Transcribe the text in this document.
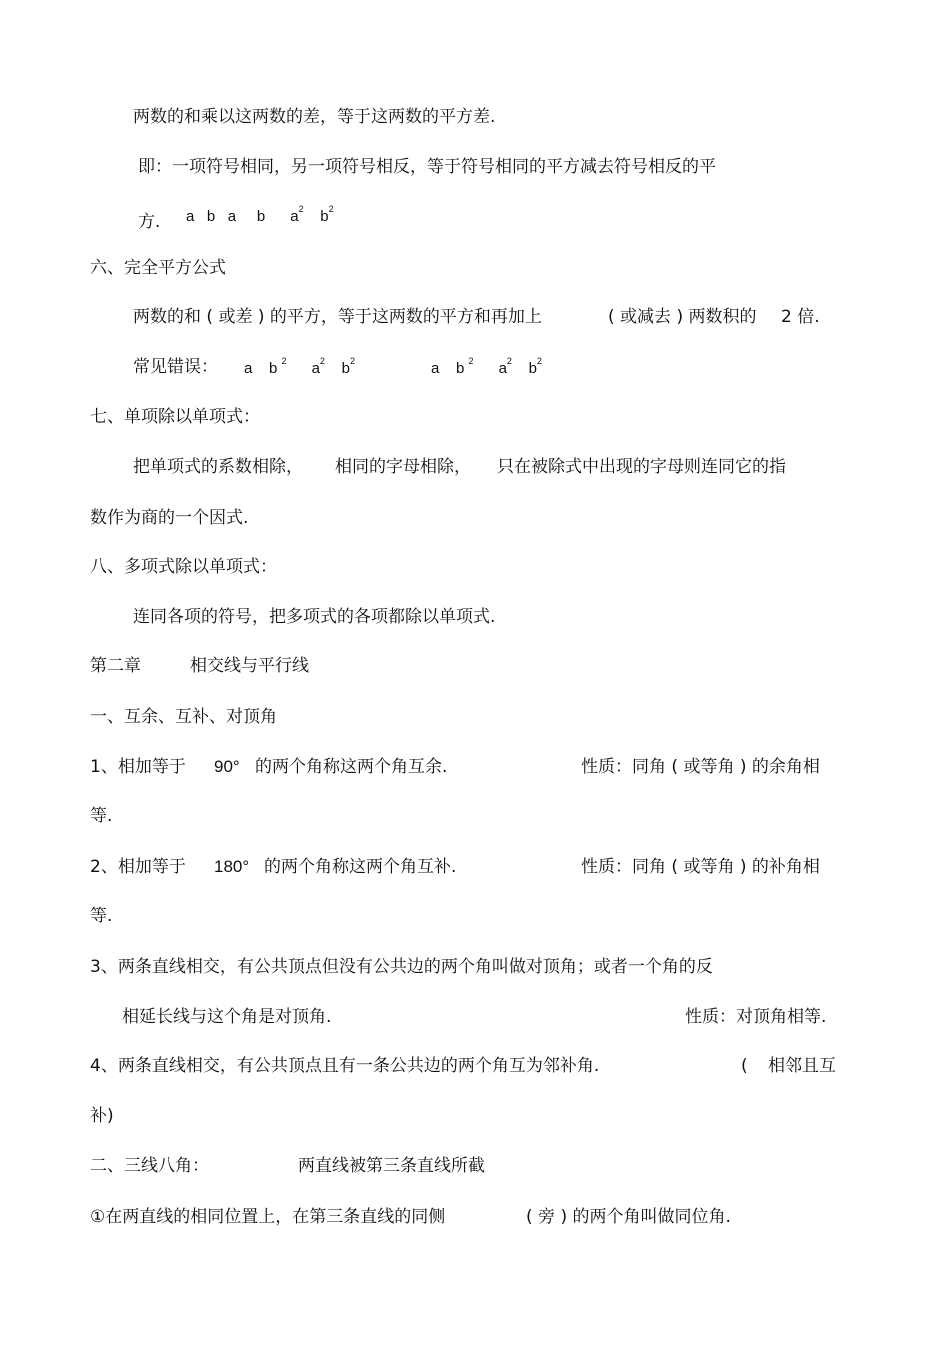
两数的和乘以这两数的差，等于这两数的平方差.
即：一项符号相同，另一项符号相反，等于符号相同的平方减去符号相反的平
方. a b a b $a^2$ $b^2$
六、完全平方公式
两数的和 ( 或差 ) 的平方，等于这两数的平方和再加上	( 或减去 ) 两数积的 2 倍.
常见错误： a b $^2$ $a^2$ $b^2$	a b $^2$ $a^2$ $b^2$
七、单项除以单项式：
把单项式的系数相除， 相同的字母相除， 只在被除式中出现的字母则连同它的指
数作为商的一个因式.
八、多项式除以单项式：
连同各项的符号，把多项式的各项都除以单项式.
第二章	相交线与平行线
一、互余、互补、对顶角
1、相加等于 90° 的两个角称这两个角互余.	性质：同角 ( 或等角 ) 的余角相
等.
2、相加等于 180° 的两个角称这两个角互补.	性质：同角 ( 或等角 ) 的补角相
等.
3、两条直线相交，有公共顶点但没有公共边的两个角叫做对顶角；或者一个角的反
相延长线与这个角是对顶角.	性质：对顶角相等.
4、两条直线相交，有公共顶点且有一条公共边的两个角互为邻补角.	( 相邻且互
补)
二、三线八角：	两直线被第三条直线所截
①在两直线的相同位置上，在第三条直线的同侧	( 旁 ) 的两个角叫做同位角.
